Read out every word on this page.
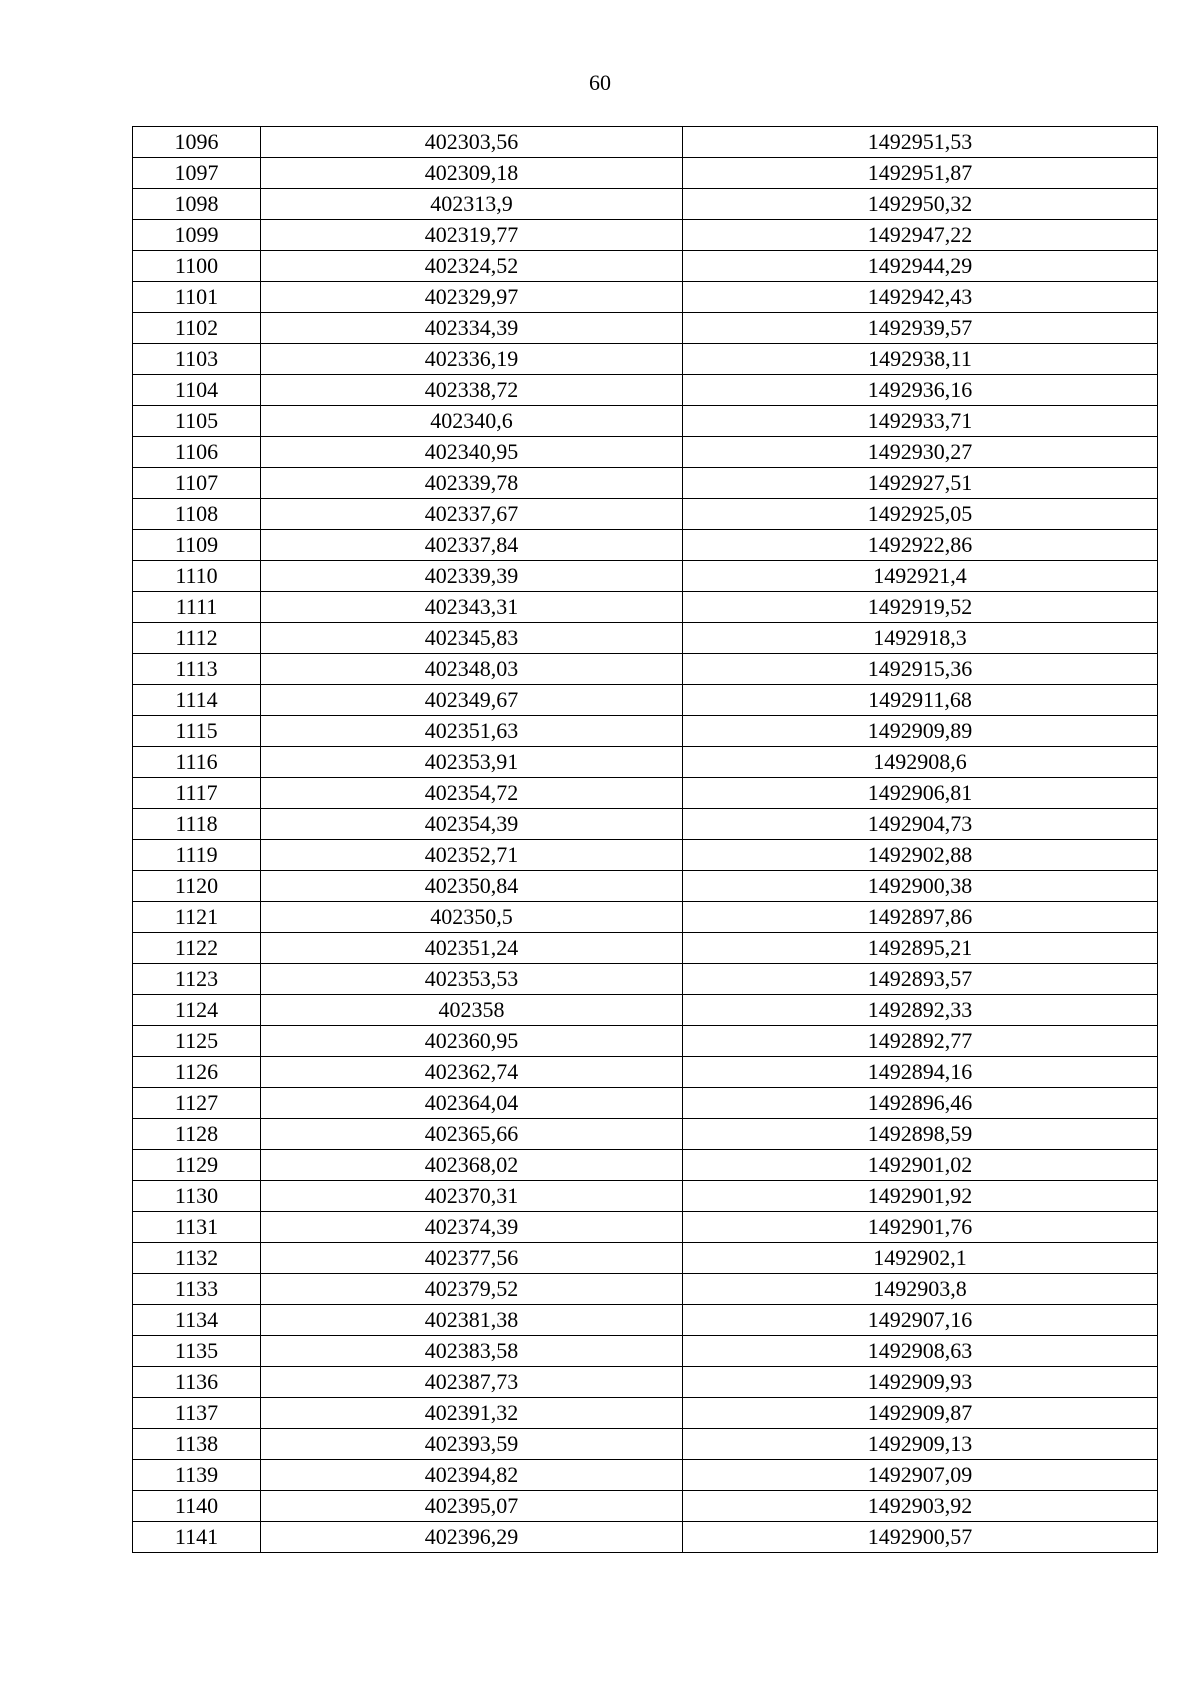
60
1096	402303,56	1492951,53
1097	402309,18	1492951,87
1098	402313,9	1492950,32
1099	402319,77	1492947,22
1100	402324,52	1492944,29
1101	402329,97	1492942,43
1102	402334,39	1492939,57
1103	402336,19	1492938,11
1104	402338,72	1492936,16
1105	402340,6	1492933,71
1106	402340,95	1492930,27
1107	402339,78	1492927,51
1108	402337,67	1492925,05
1109	402337,84	1492922,86
1110	402339,39	1492921,4
1111	402343,31	1492919,52
1112	402345,83	1492918,3
1113	402348,03	1492915,36
1114	402349,67	1492911,68
1115	402351,63	1492909,89
1116	402353,91	1492908,6
1117	402354,72	1492906,81
1118	402354,39	1492904,73
1119	402352,71	1492902,88
1120	402350,84	1492900,38
1121	402350,5	1492897,86
1122	402351,24	1492895,21
1123	402353,53	1492893,57
1124	402358	1492892,33
1125	402360,95	1492892,77
1126	402362,74	1492894,16
1127	402364,04	1492896,46
1128	402365,66	1492898,59
1129	402368,02	1492901,02
1130	402370,31	1492901,92
1131	402374,39	1492901,76
1132	402377,56	1492902,1
1133	402379,52	1492903,8
1134	402381,38	1492907,16
1135	402383,58	1492908,63
1136	402387,73	1492909,93
1137	402391,32	1492909,87
1138	402393,59	1492909,13
1139	402394,82	1492907,09
1140	402395,07	1492903,92
1141	402396,29	1492900,57
